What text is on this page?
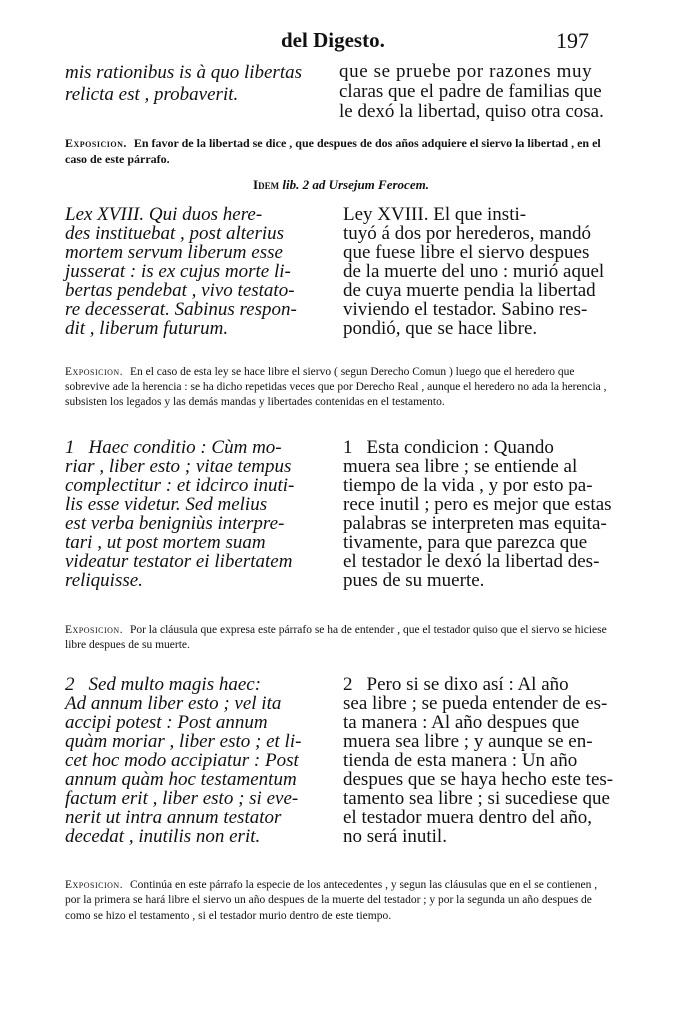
del Digesto.	197
mis rationibus is à quo libertas
relicta est , probaverit.
que se pruebe por razones muy
claras que el padre de familias que
le dexó la libertad, quiso otra cosa.
Exposicion. En favor de la libertad se dice , que despues de dos años adquiere el siervo la libertad , en el caso de este párrafo.
Idem lib. 2 ad Ursejum Ferocem.
Lex XVIII. Qui duos here-
des instituebat , post alterius
mortem servum liberum esse
jusserat : is ex cujus morte li-
bertas pendebat , vivo testato-
re decesserat. Sabinus respon-
dit , liberum futurum.
Ley XVIII. El que insti-
tuyó á dos por herederos, mandó
que fuese libre el siervo despues
de la muerte del uno : murió aquel
de cuya muerte pendia la libertad
viviendo el testador. Sabino res-
pondió, que se hace libre.
Exposicion. En el caso de esta ley se hace libre el siervo ( segun Derecho Comun ) luego que el heredero que sobrevive ade la herencia : se ha dicho repetidas veces que por Derecho Real , aunque el heredero no ada la herencia , subsisten los legados y las demás mandas y libertades contenidas en el testamento.
1 Haec conditio : Cùm mo-
riar , liber esto ; vitae tempus
complectitur : et idcirco inuti-
lis esse videtur. Sed melius
est verba benigniùs interpre-
tari , ut post mortem suam
videatur testator ei libertatem
reliquisse.
1 Esta condicion : Quando
muera sea libre ; se entiende al
tiempo de la vida , y por esto pa-
rece inutil ; pero es mejor que estas
palabras se interpreten mas equita-
tivamente, para que parezca que
el testador le dexó la libertad des-
pues de su muerte.
Exposicion. Por la cláusula que expresa este párrafo se ha de entender , que el testador quiso que el siervo se hiciese libre despues de su muerte.
2 Sed multo magis haec:
Ad annum liber esto ; vel ita
accipi potest : Post annum
quàm moriar , liber esto ; et li-
cet hoc modo accipiatur : Post
annum quàm hoc testamentum
factum erit , liber esto ; si eve-
nerit ut intra annum testator
decedat , inutilis non erit.
2 Pero si se dixo así : Al año
sea libre ; se pueda entender de es-
ta manera : Al año despues que
muera sea libre ; y aunque se en-
tienda de esta manera : Un año
despues que se haya hecho este tes-
tamento sea libre ; si sucediese que
el testador muera dentro del año,
no será inutil.
Exposicion. Continúa en este párrafo la especie de los antecedentes , y segun las cláusulas que en el se contienen , por la primera se hará libre el siervo un año despues de la muerte del testador ; y por la segunda un año despues de como se hizo el testamento , si el testador murio dentro de este tiempo.
